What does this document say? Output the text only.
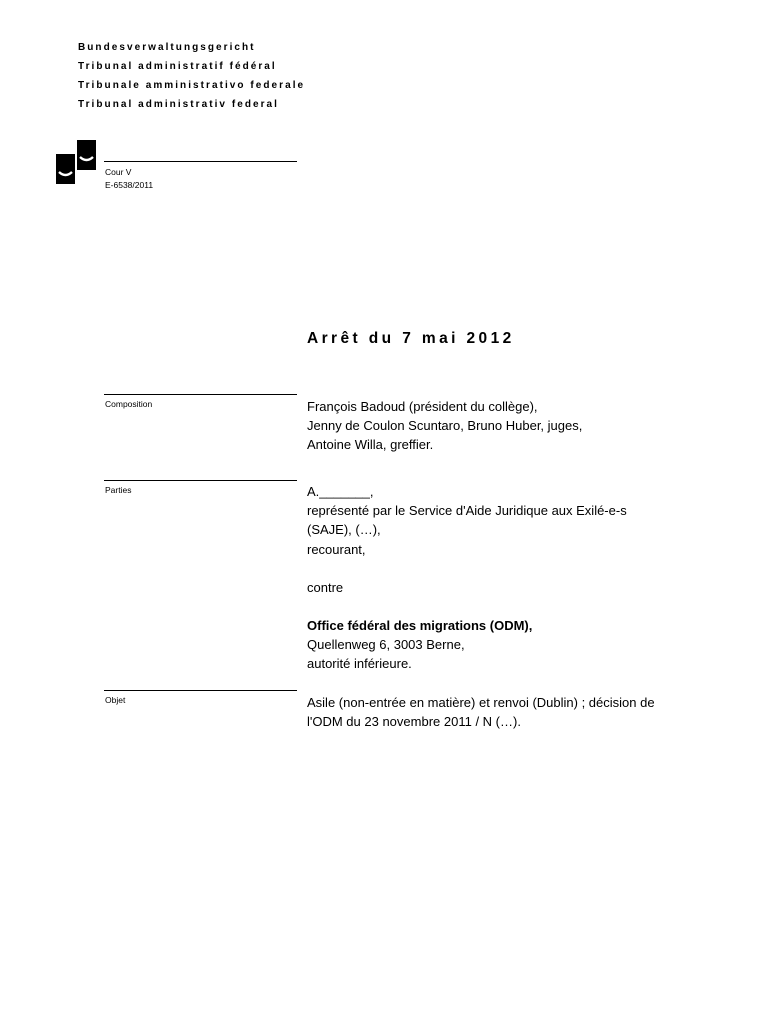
Bundesverwaltungsgericht
Tribunal administratif fédéral
Tribunale amministrativo federale
Tribunal administrativ federal
Cour V
E-6538/2011
Arrêt du 7 mai 2012
Composition	François Badoud (président du collège),
Jenny de Coulon Scuntaro, Bruno Huber, juges,
Antoine Willa, greffier.
Parties	A._______,
représenté par le Service d'Aide Juridique aux Exilé-e-s
(SAJE), (…),
recourant,
contre
Office fédéral des migrations (ODM),
Quellenweg 6, 3003 Berne,
autorité inférieure.
Objet	Asile (non-entrée en matière) et renvoi (Dublin) ; décision de
l'ODM du 23 novembre 2011 / N (…).
